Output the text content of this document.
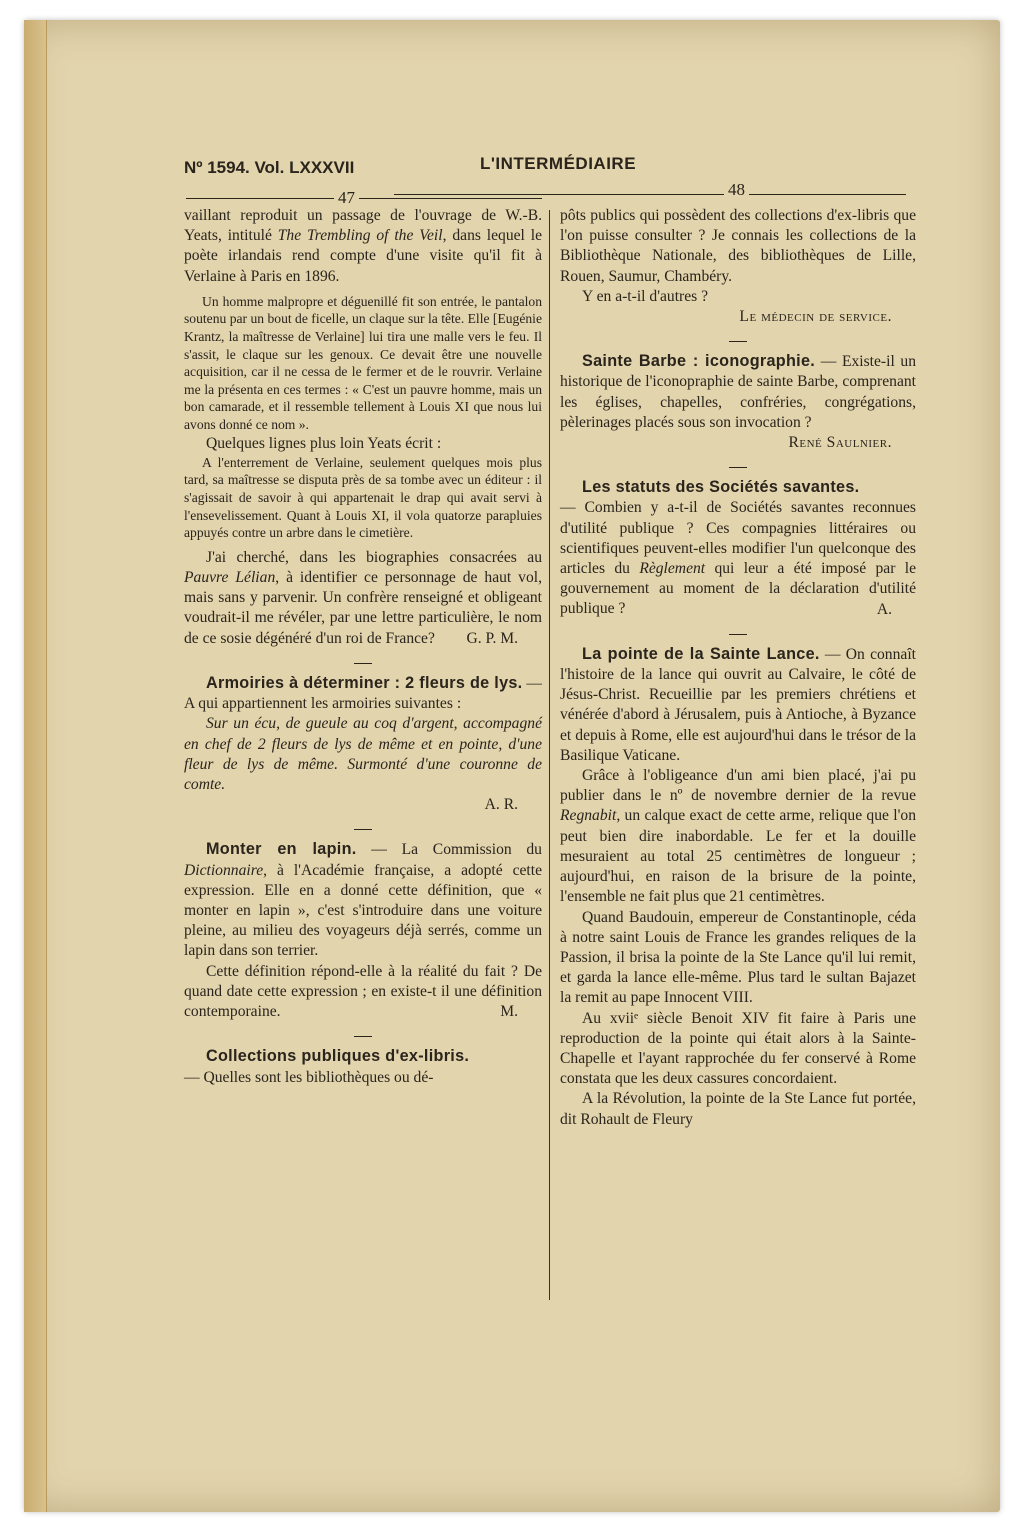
Nº 1594. Vol. LXXXVII	L'INTERMÉDIAIRE
47	48

vaillant reproduit un passage de l'ouvrage de W.-B. Yeats, intitulé The Trembling of the Veil, dans lequel le poète irlandais rend compte d'une visite qu'il fit à Verlaine à Paris en 1896.

Un homme malpropre et déguenillé fit son entrée, le pantalon soutenu par un bout de ficelle, un claque sur la tête. Elle [Eugénie Krantz, la maîtresse de Verlaine] lui tira une malle vers le feu. Il s'assit, le claque sur les genoux. Ce devait être une nouvelle acquisition, car il ne cessa de le fermer et de le rouvrir. Verlaine me la présenta en ces termes : « C'est un pauvre homme, mais un bon camarade, et il ressemble tellement à Louis XI que nous lui avons donné ce nom ».

Quelques lignes plus loin Yeats écrit :

A l'enterrement de Verlaine, seulement quelques mois plus tard, sa maîtresse se disputa près de sa tombe avec un éditeur : il s'agissait de savoir à qui appartenait le drap qui avait servi à l'ensevelissement. Quant à Louis XI, il vola quatorze parapluies appuyés contre un arbre dans le cimetière.

J'ai cherché, dans les biographies consacrées au Pauvre Lélian, à identifier ce personnage de haut vol, mais sans y parvenir. Un confrère renseigné et obligeant voudrait-il me révéler, par une lettre particulière, le nom de ce sosie dégénéré d'un roi de France?	G. P. M.

Armoiries à déterminer : 2 fleurs de lys. — A qui appartiennent les armoiries suivantes :

Sur un écu, de gueule au coq d'argent, accompagné en chef de 2 fleurs de lys de même et en pointe, d'une fleur de lys de même. Surmonté d'une couronne de comte.

A. R.

Monter en lapin. — La Commission du Dictionnaire, à l'Académie française, a adopté cette expression. Elle en a donné cette définition, que « monter en lapin », c'est s'introduire dans une voiture pleine, au milieu des voyageurs déjà serrés, comme un lapin dans son terrier.

Cette définition répond-elle à la réalité du fait ? De quand date cette expression ; en existe-t il une définition contemporaine.	M.

Collections publiques d'ex-libris.

— Quelles sont les bibliothèques ou dé-

pôts publics qui possèdent des collections d'ex-libris que l'on puisse consulter ? Je connais les collections de la Bibliothèque Nationale, des bibliothèques de Lille, Rouen, Saumur, Chambéry.

Y en a-t-il d'autres ?

Le médecin de service.

Sainte Barbe : iconographie. — Existe-il un historique de l'iconopraphie de sainte Barbe, comprenant les églises, chapelles, confréries, congrégations, pèlerinages placés sous son invocation ?

René Saulnier.

Les statuts des Sociétés savantes.

— Combien y a-t-il de Sociétés savantes reconnues d'utilité publique ? Ces compagnies littéraires ou scientifiques peuvent-elles modifier l'un quelconque des articles du Règlement qui leur a été imposé par le gouvernement au moment de la déclaration d'utilité publique ?	A.

La pointe de la Sainte Lance. — On connaît l'histoire de la lance qui ouvrit au Calvaire, le côté de Jésus-Christ. Recueillie par les premiers chrétiens et vénérée d'abord à Jérusalem, puis à Antioche, à Byzance et depuis à Rome, elle est aujourd'hui dans le trésor de la Basilique Vaticane.

Grâce à l'obligeance d'un ami bien placé, j'ai pu publier dans le nº de novembre dernier de la revue Regnabit, un calque exact de cette arme, relique que l'on peut bien dire inabordable. Le fer et la douille mesuraient au total 25 centimètres de longueur ; aujourd'hui, en raison de la brisure de la pointe, l'ensemble ne fait plus que 21 centimètres.

Quand Baudouin, empereur de Constantinople, céda à notre saint Louis de France les grandes reliques de la Passion, il brisa la pointe de la Ste Lance qu'il lui remit, et garda la lance elle-même. Plus tard le sultan Bajazet la remit au pape Innocent VIII.

Au xviiᵉ siècle Benoit XIV fit faire à Paris une reproduction de la pointe qui était alors à la Sainte-Chapelle et l'ayant rapprochée du fer conservé à Rome constata que les deux cassures concordaient.

A la Révolution, la pointe de la Ste Lance fut portée, dit Rohault de Fleury
